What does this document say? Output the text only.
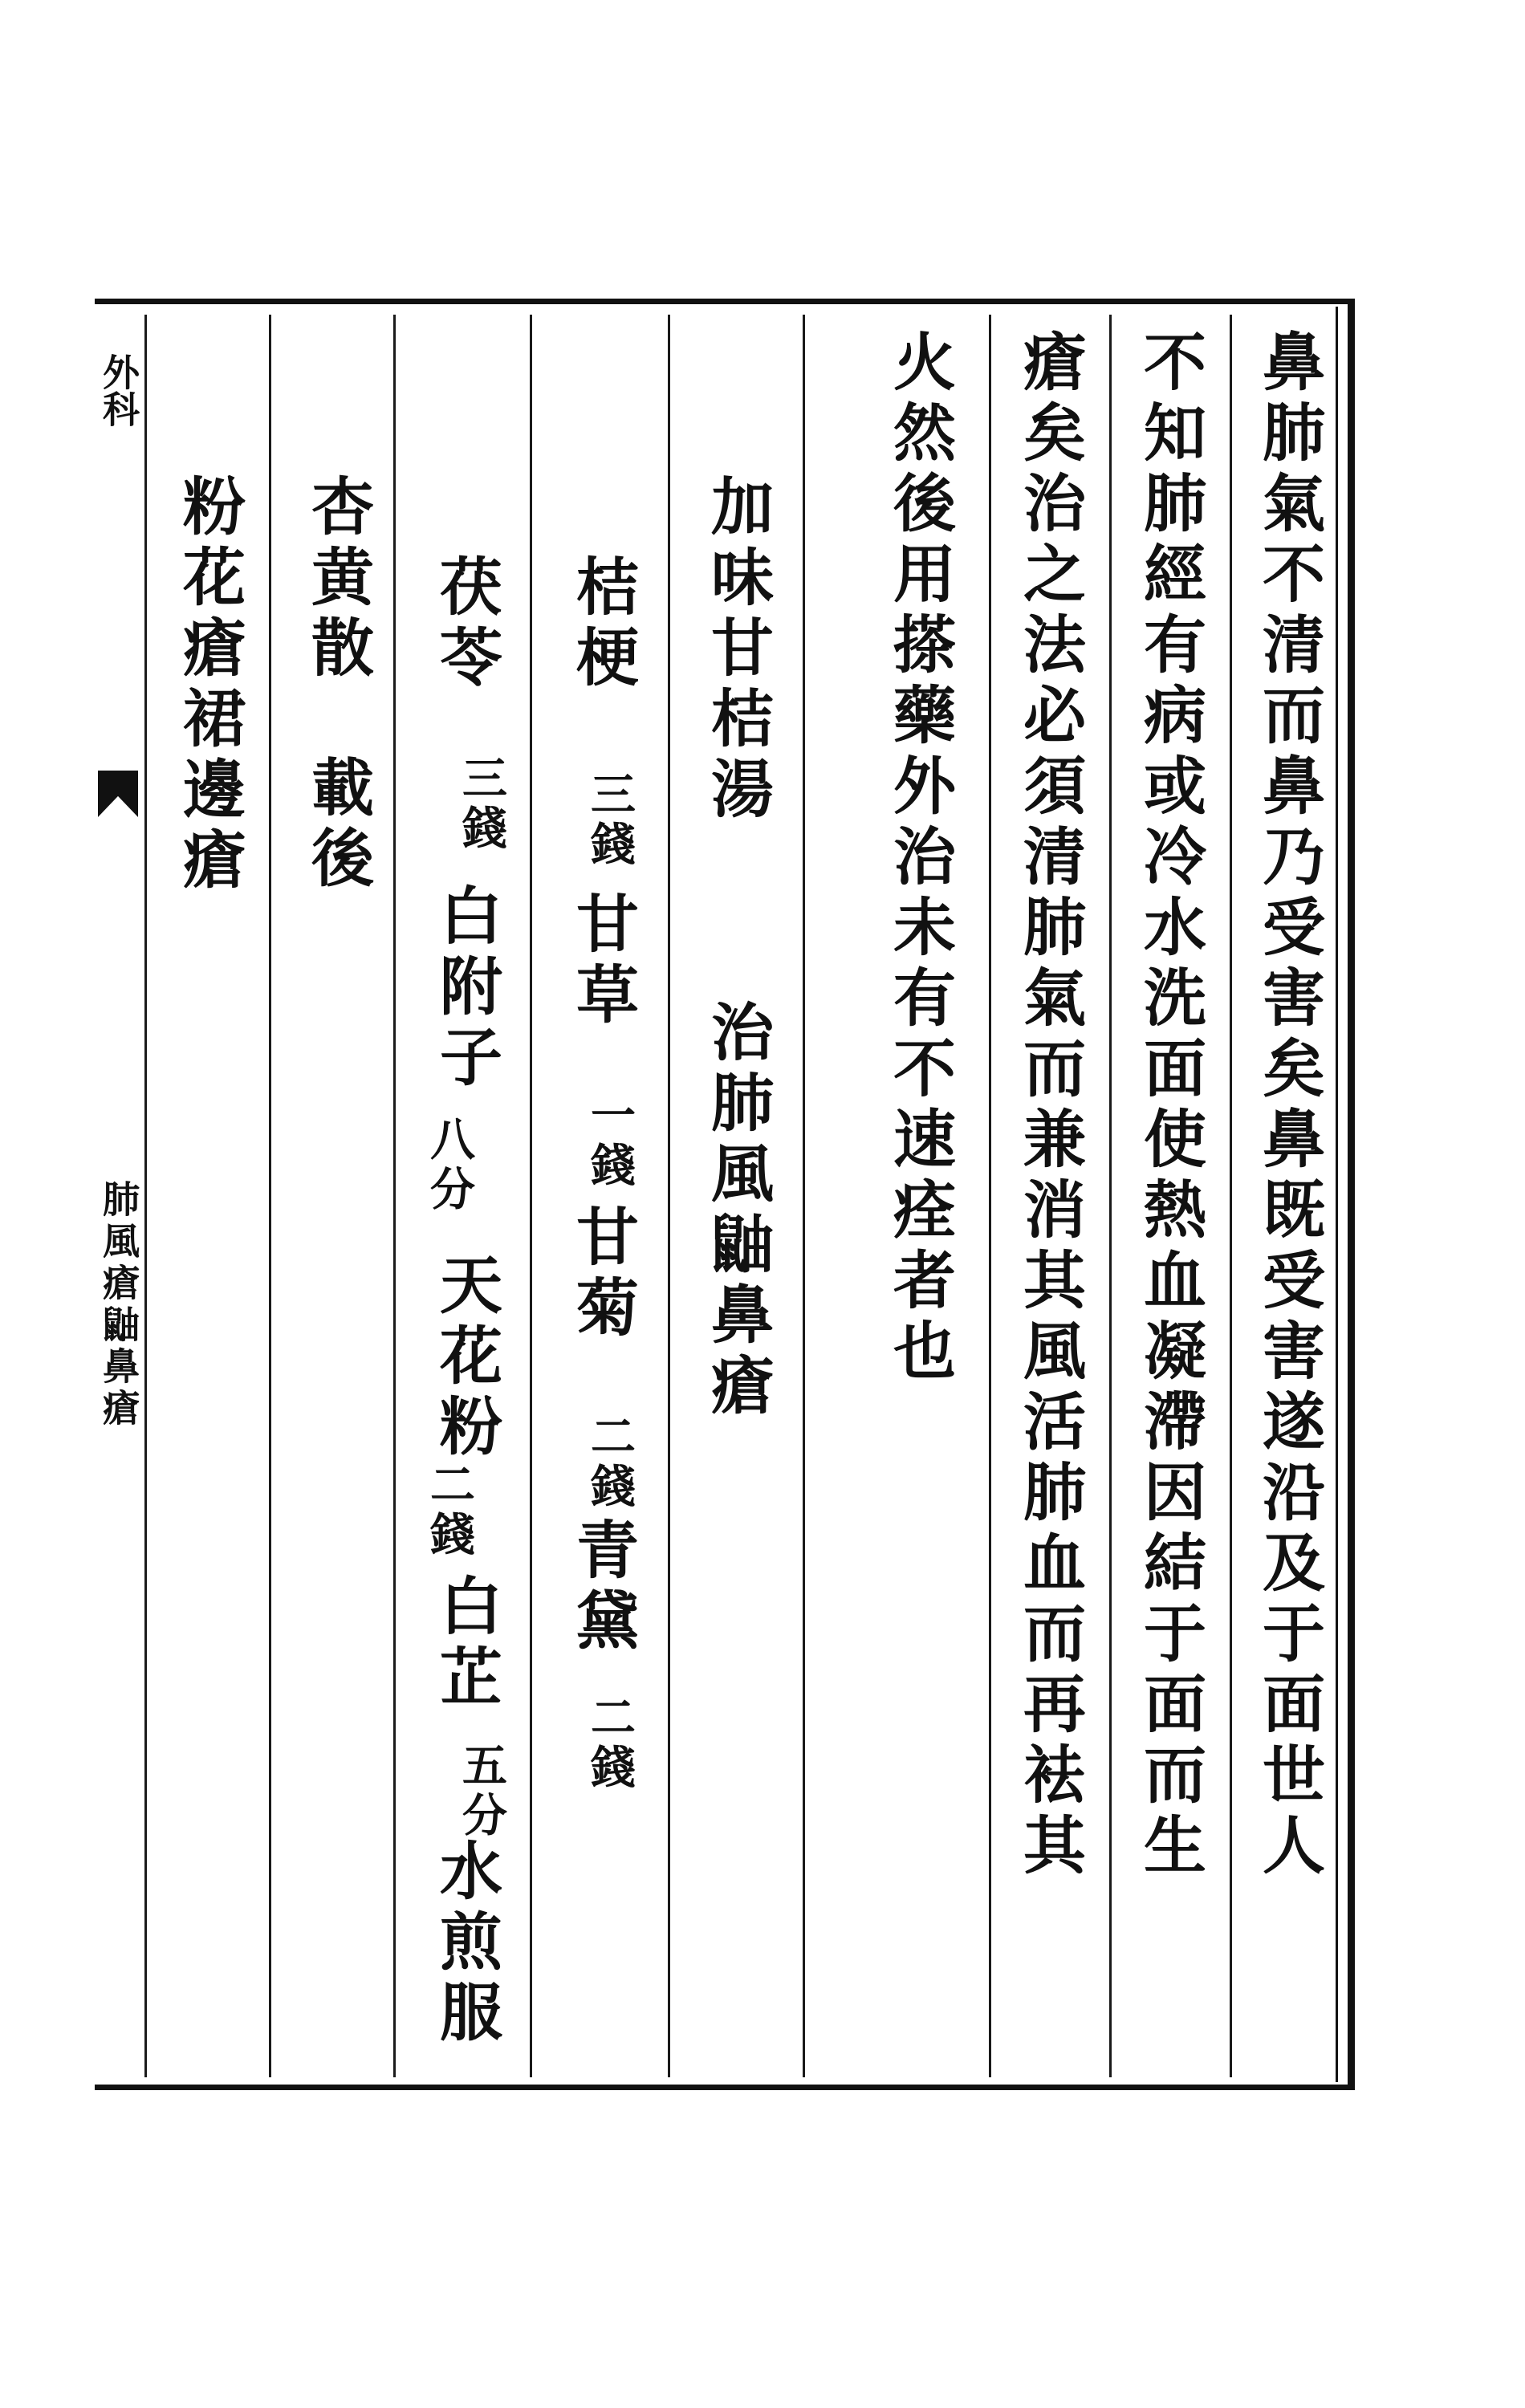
外科
肺風瘡鼬鼻瘡	鼻肺氣不清而鼻乃受害矣鼻既受害遂沿及于面世人
不知肺經有病或冷水洗面使熱血凝滯因結于面而生
瘡矣治之法必須清肺氣而兼消其風活肺血而再袪其
火然後用搽藥外治未有不速痊者也
加味甘桔湯
治肺風鼬鼻瘡
桔梗
三錢
甘草
一錢
甘菊
二錢
青黛
二錢
茯苓
三錢
白附子
八分
天花粉
二錢
白芷
五分
水煎服
杏黄散
載後
粉花瘡裙邊瘡
